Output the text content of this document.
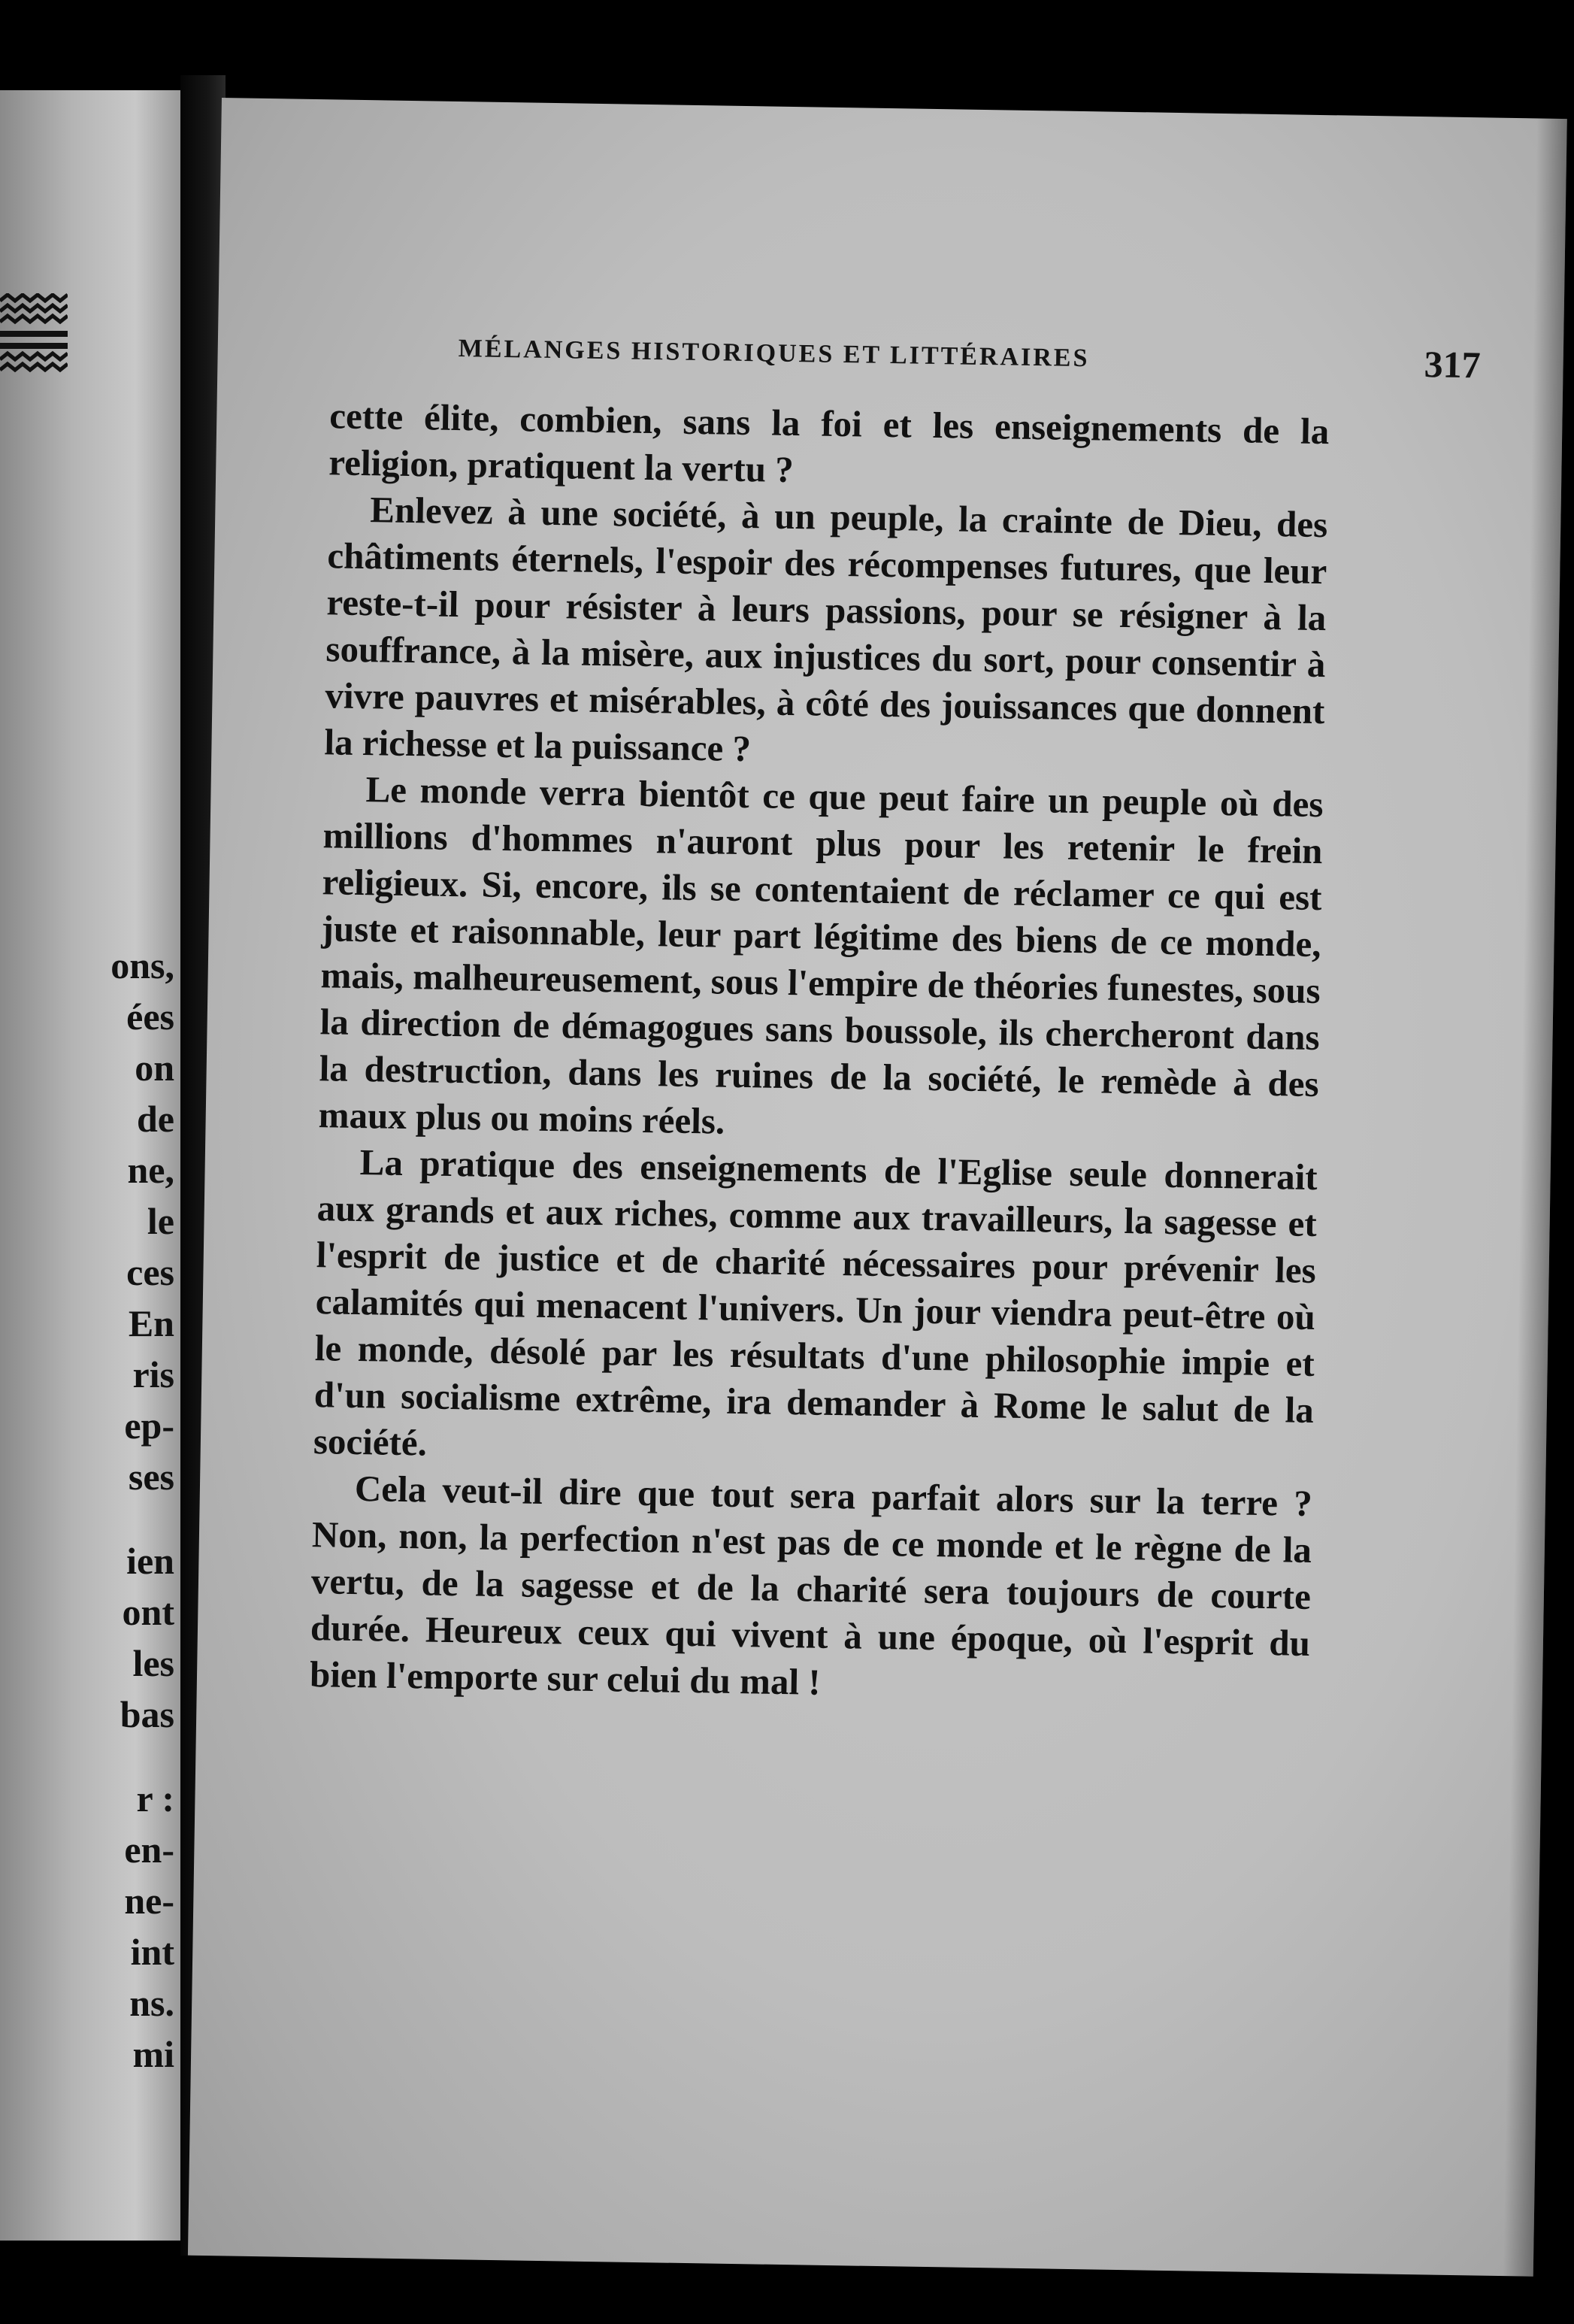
ons,
ées
on
de
ne,
le
ces
En
ris
ep-
ses
ien
ont
les
bas
r :
en-
ne-
int
ns.
mi
MÉLANGES HISTORIQUES ET LITTÉRAIRES	317

cette élite, combien, sans la foi et les enseignements de la religion, pratiquent la vertu ?

Enlevez à une société, à un peuple, la crainte de Dieu, des châtiments éternels, l'espoir des récompenses futures, que leur reste-t-il pour résister à leurs passions, pour se résigner à la souffrance, à la misère, aux injustices du sort, pour consentir à vivre pauvres et misérables, à côté des jouissances que donnent la richesse et la puissance ?

Le monde verra bientôt ce que peut faire un peuple où des millions d'hommes n'auront plus pour les retenir le frein religieux. Si, encore, ils se contentaient de réclamer ce qui est juste et raisonnable, leur part légitime des biens de ce monde, mais, malheureusement, sous l'empire de théories funestes, sous la direction de démagogues sans boussole, ils chercheront dans la destruction, dans les ruines de la société, le remède à des maux plus ou moins réels.

La pratique des enseignements de l'Eglise seule donnerait aux grands et aux riches, comme aux travailleurs, la sagesse et l'esprit de justice et de charité nécessaires pour prévenir les calamités qui menacent l'univers. Un jour viendra peut-être où le monde, désolé par les résultats d'une philosophie impie et d'un socialisme extrême, ira demander à Rome le salut de la société.

Cela veut-il dire que tout sera parfait alors sur la terre ? Non, non, la perfection n'est pas de ce monde et le règne de la vertu, de la sagesse et de la charité sera toujours de courte durée. Heureux ceux qui vivent à une époque, où l'esprit du bien l'emporte sur celui du mal !
